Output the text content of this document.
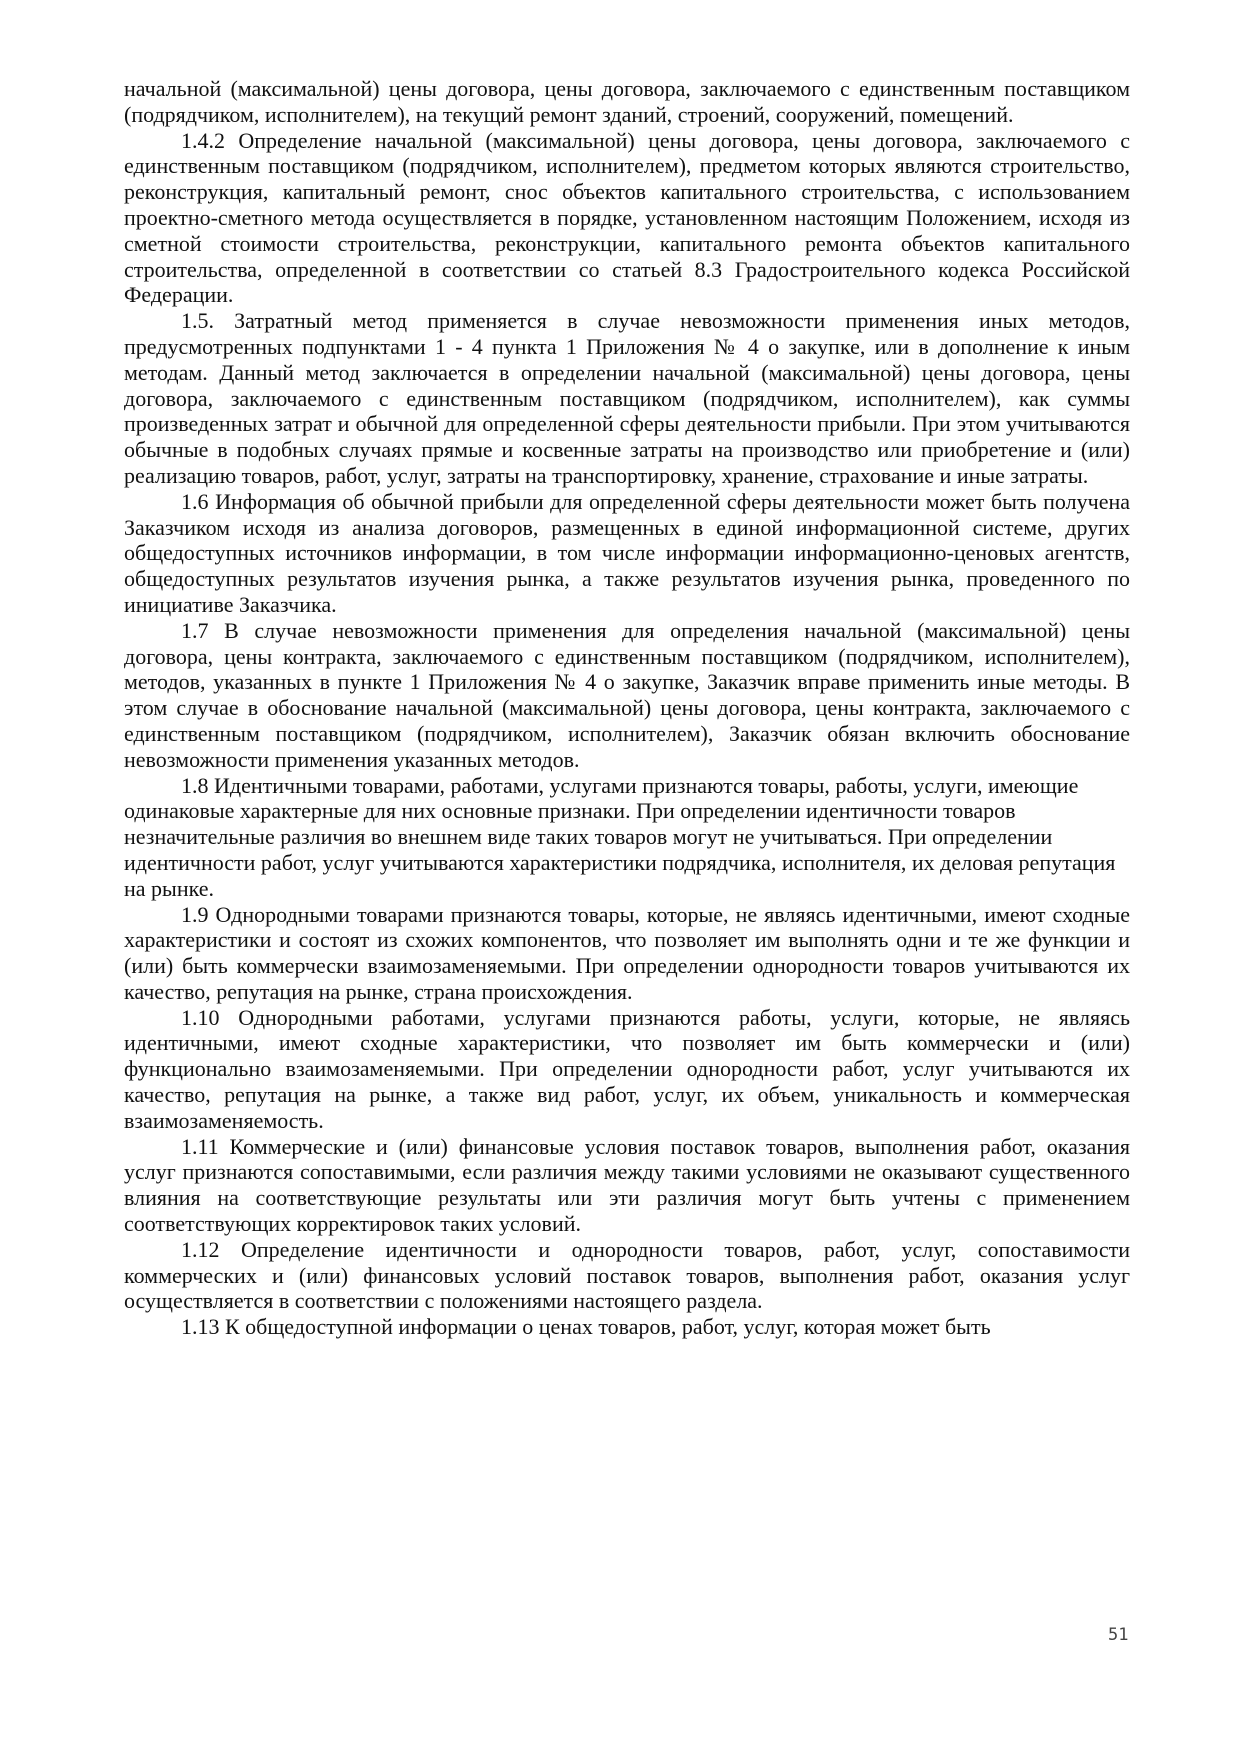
начальной (максимальной) цены договора, цены договора, заключаемого с единственным поставщиком (подрядчиком, исполнителем), на текущий ремонт зданий, строений, сооружений, помещений.

1.4.2 Определение начальной (максимальной) цены договора, цены договора, заключаемого с единственным поставщиком (подрядчиком, исполнителем), предметом которых являются строительство, реконструкция, капитальный ремонт, снос объектов капитального строительства, с использованием проектно-сметного метода осуществляется в порядке, установленном настоящим Положением, исходя из сметной стоимости строительства, реконструкции, капитального ремонта объектов капитального строительства, определенной в соответствии со статьей 8.3 Градостроительного кодекса Российской Федерации.

1.5. Затратный метод применяется в случае невозможности применения иных методов, предусмотренных подпунктами 1 - 4 пункта 1 Приложения № 4 о закупке, или в дополнение к иным методам. Данный метод заключается в определении начальной (максимальной) цены договора, цены договора, заключаемого с единственным поставщиком (подрядчиком, исполнителем), как суммы произведенных затрат и обычной для определенной сферы деятельности прибыли. При этом учитываются обычные в подобных случаях прямые и косвенные затраты на производство или приобретение и (или) реализацию товаров, работ, услуг, затраты на транспортировку, хранение, страхование и иные затраты.

1.6 Информация об обычной прибыли для определенной сферы деятельности может быть получена Заказчиком исходя из анализа договоров, размещенных в единой информационной системе, других общедоступных источников информации, в том числе информации информационно-ценовых агентств, общедоступных результатов изучения рынка, а также результатов изучения рынка, проведенного по инициативе Заказчика.

1.7 В случае невозможности применения для определения начальной (максимальной) цены договора, цены контракта, заключаемого с единственным поставщиком (подрядчиком, исполнителем), методов, указанных в пункте 1 Приложения № 4 о закупке, Заказчик вправе применить иные методы. В этом случае в обоснование начальной (максимальной) цены договора, цены контракта, заключаемого с единственным поставщиком (подрядчиком, исполнителем), Заказчик обязан включить обоснование невозможности применения указанных методов.

1.8 Идентичными товарами, работами, услугами признаются товары, работы, услуги, имеющие одинаковые характерные для них основные признаки. При определении идентичности товаров незначительные различия во внешнем виде таких товаров могут не учитываться. При определении идентичности работ, услуг учитываются характеристики подрядчика, исполнителя, их деловая репутация на рынке.

1.9 Однородными товарами признаются товары, которые, не являясь идентичными, имеют сходные характеристики и состоят из схожих компонентов, что позволяет им выполнять одни и те же функции и (или) быть коммерчески взаимозаменяемыми. При определении однородности товаров учитываются их качество, репутация на рынке, страна происхождения.

1.10 Однородными работами, услугами признаются работы, услуги, которые, не являясь идентичными, имеют сходные характеристики, что позволяет им быть коммерчески и (или) функционально взаимозаменяемыми. При определении однородности работ, услуг учитываются их качество, репутация на рынке, а также вид работ, услуг, их объем, уникальность и коммерческая взаимозаменяемость.

1.11 Коммерческие и (или) финансовые условия поставок товаров, выполнения работ, оказания услуг признаются сопоставимыми, если различия между такими условиями не оказывают существенного влияния на соответствующие результаты или эти различия могут быть учтены с применением соответствующих корректировок таких условий.

1.12 Определение идентичности и однородности товаров, работ, услуг, сопоставимости коммерческих и (или) финансовых условий поставок товаров, выполнения работ, оказания услуг осуществляется в соответствии с положениями настоящего раздела.

1.13 К общедоступной информации о ценах товаров, работ, услуг, которая может быть

51
